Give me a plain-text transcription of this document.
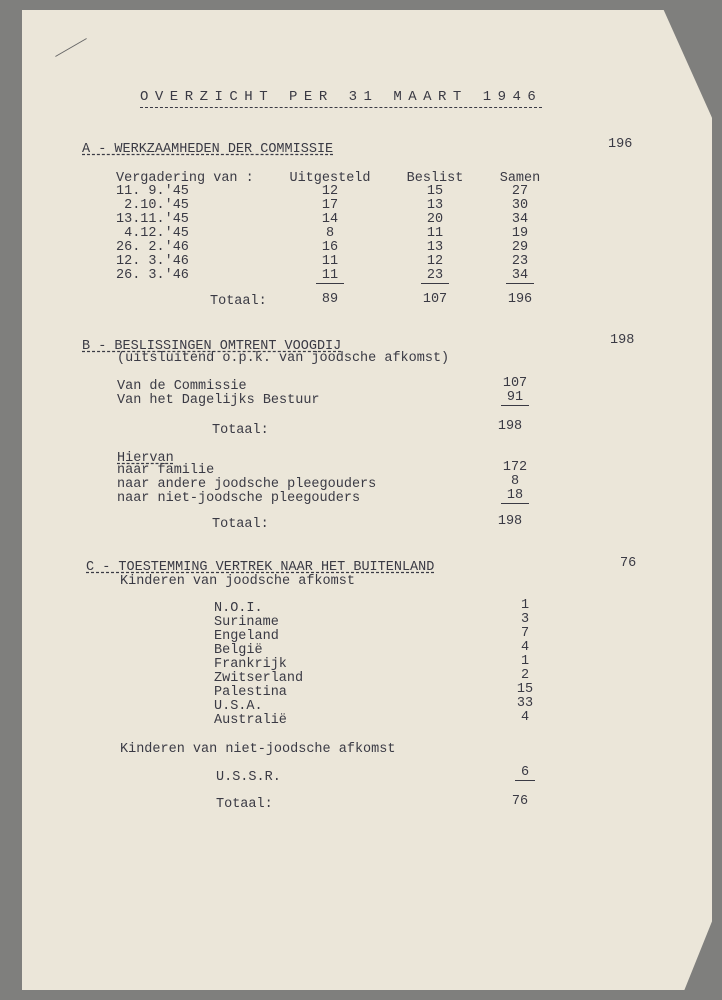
OVERZICHT PER 31 MAART 1946
A - WERKZAAMHEDEN DER COMMISSIE	196
B - BESLISSINGEN OMTRENT VOOGDIJ	198
(uitsluitend o.p.k. van joodsche afkomst)
Totaal:	198
Hiervan
Totaal:	198
C - TOESTEMMING VERTREK NAAR HET BUITENLAND	76
Kinderen van joodsche afkomst
Kinderen van niet-joodsche afkomst
Totaal:	76
Vergadering van :	Uitgesteld	Beslist	Samen
11. 9.'45	12	15	27
2.10.'45	17	13	30
13.11.'45	14	20	34
4.12.'45	8	11	19
26. 2.'46	16	13	29
12. 3.'46	11	12	23
26. 3.'46	11	23	34
Totaal:	89	107	196
Van de Commissie	107
Van het Dagelijks Bestuur	91
naar familie	172
naar andere joodsche pleegouders	8
naar niet-joodsche pleegouders	18
N.O.I.	1
Suriname	3
Engeland	7
België	4
Frankrijk	1
Zwitserland	2
Palestina	15
U.S.A.	33
Australië	4
U.S.S.R.	6
